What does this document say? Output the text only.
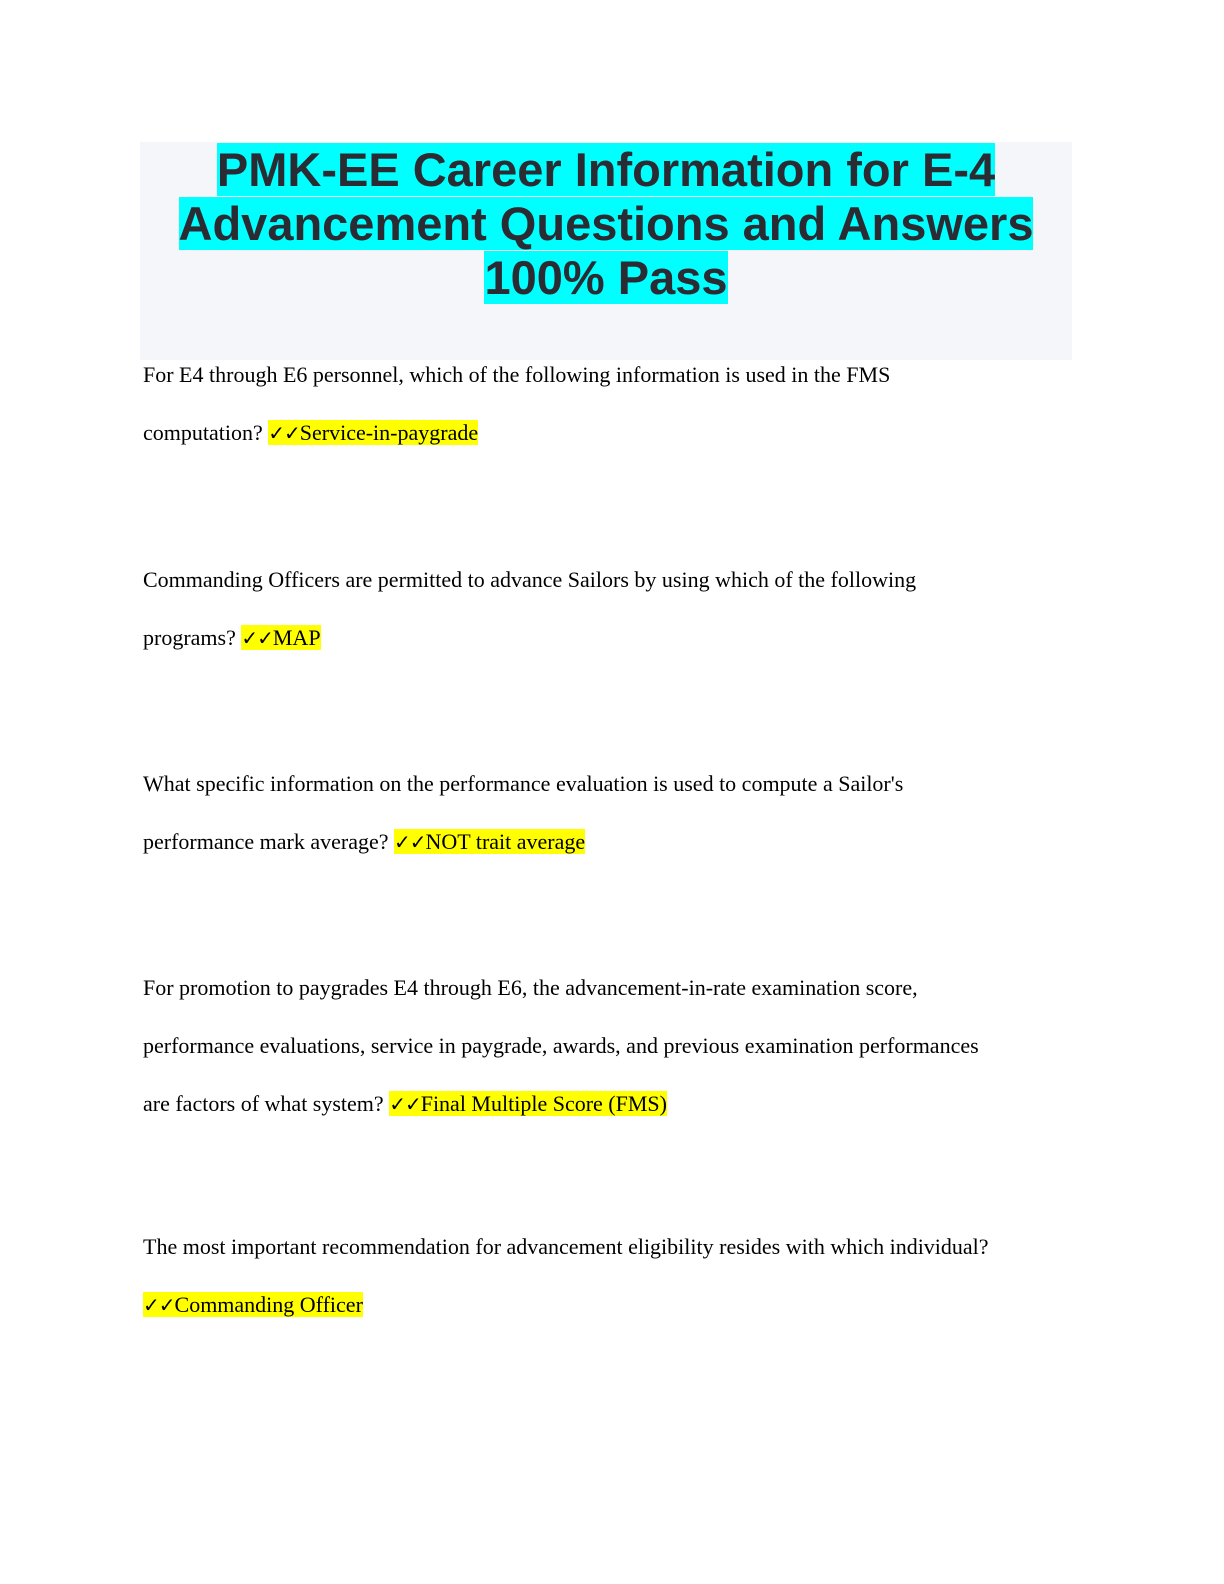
PMK-EE Career Information for E-4

Advancement Questions and Answers

100% Pass

For E4 through E6 personnel, which of the following information is used in the FMS
computation? ✓✓Service-in-paygrade
Commanding Officers are permitted to advance Sailors by using which of the following
programs? ✓✓MAP
What specific information on the performance evaluation is used to compute a Sailor's
performance mark average? ✓✓NOT trait average
For promotion to paygrades E4 through E6, the advancement-in-rate examination score,
performance evaluations, service in paygrade, awards, and previous examination performances
are factors of what system? ✓✓Final Multiple Score (FMS)
The most important recommendation for advancement eligibility resides with which individual?
✓✓Commanding Officer
